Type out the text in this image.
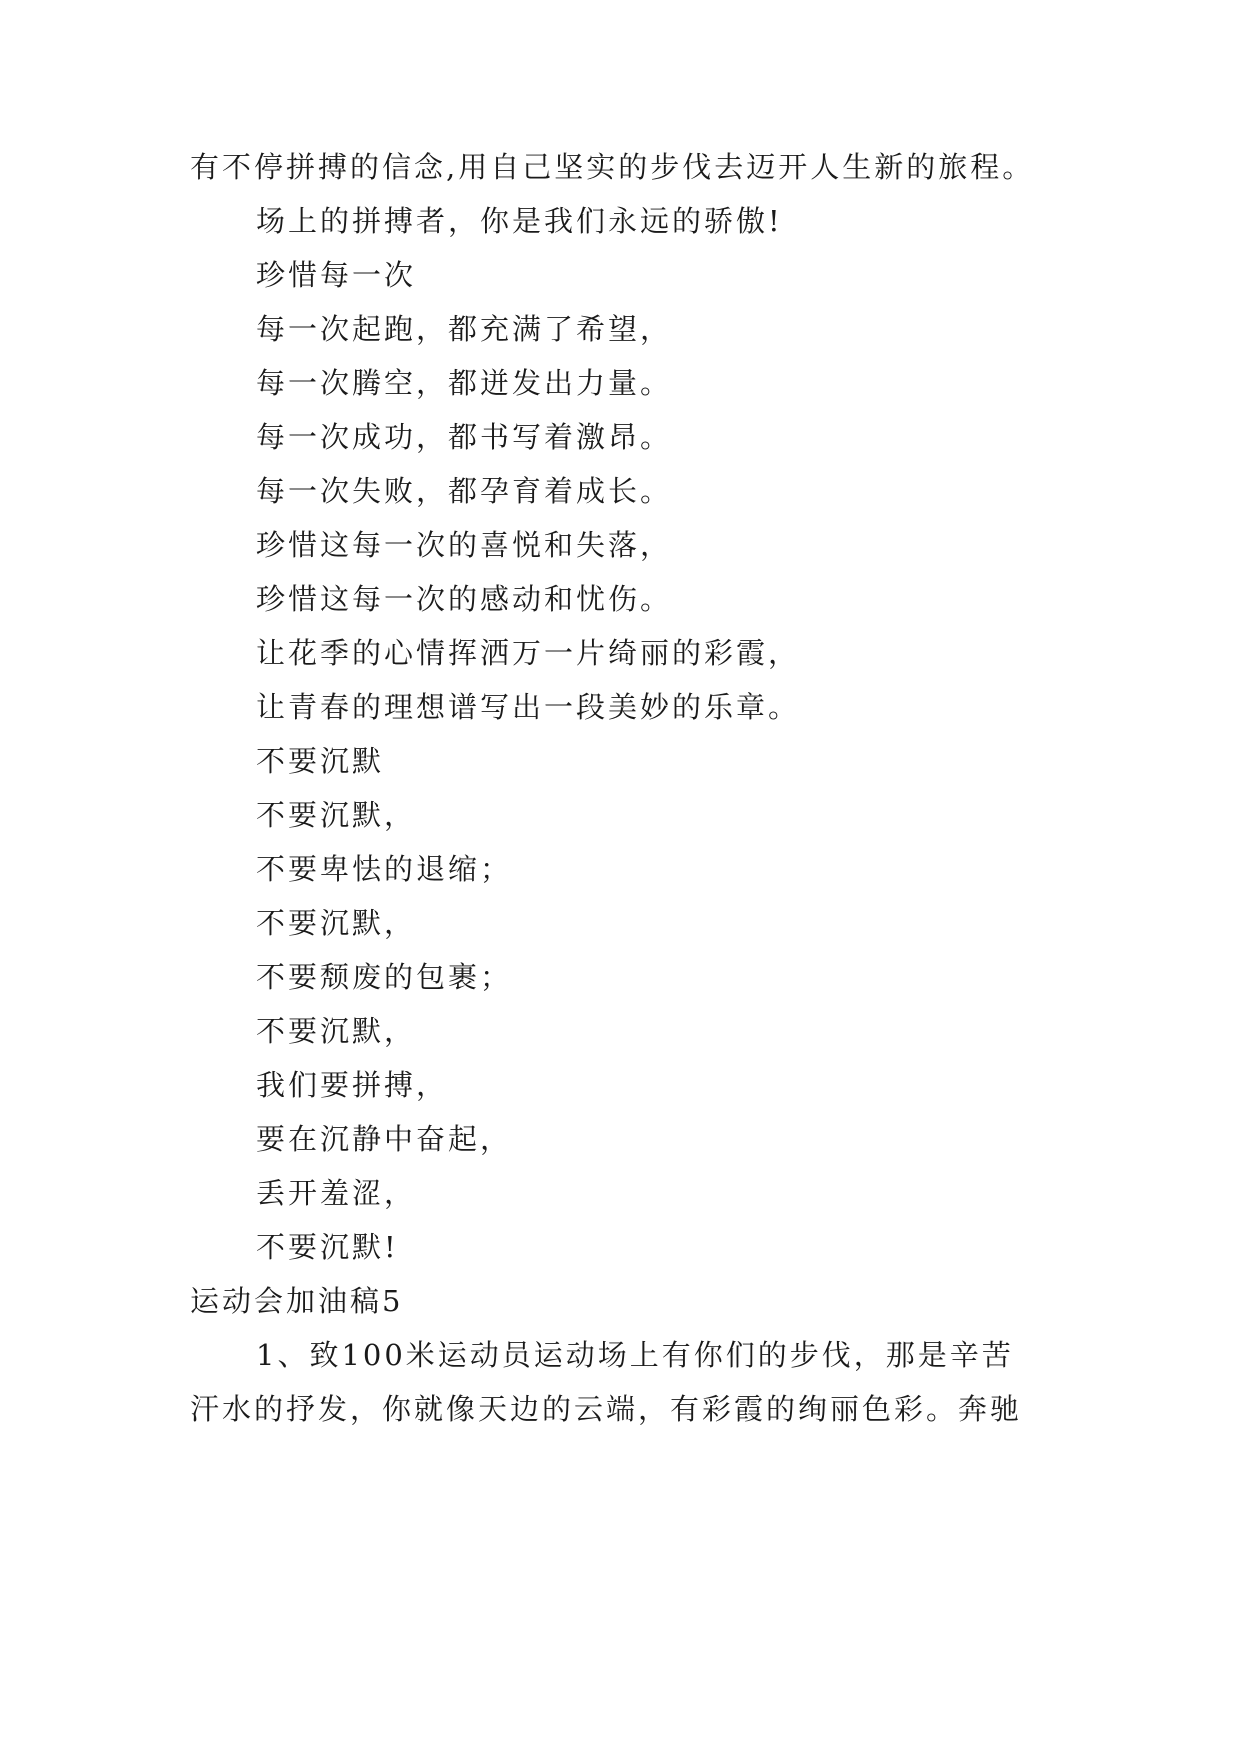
有不停拼搏的信念,用自己坚实的步伐去迈开人生新的旅程。
场上的拼搏者，你是我们永远的骄傲!
珍惜每一次
每一次起跑，都充满了希望，
每一次腾空，都迸发出力量。
每一次成功，都书写着激昂。
每一次失败，都孕育着成长。
珍惜这每一次的喜悦和失落，
珍惜这每一次的感动和忧伤。
让花季的心情挥洒万一片绮丽的彩霞，
让青春的理想谱写出一段美妙的乐章。
不要沉默
不要沉默，
不要卑怯的退缩；
不要沉默，
不要颓废的包裹；
不要沉默，
我们要拼搏，
要在沉静中奋起，
丢开羞涩，
不要沉默!
运动会加油稿5
1、致100米运动员运动场上有你们的步伐，那是辛苦
汗水的抒发，你就像天边的云端，有彩霞的绚丽色彩。奔驰
